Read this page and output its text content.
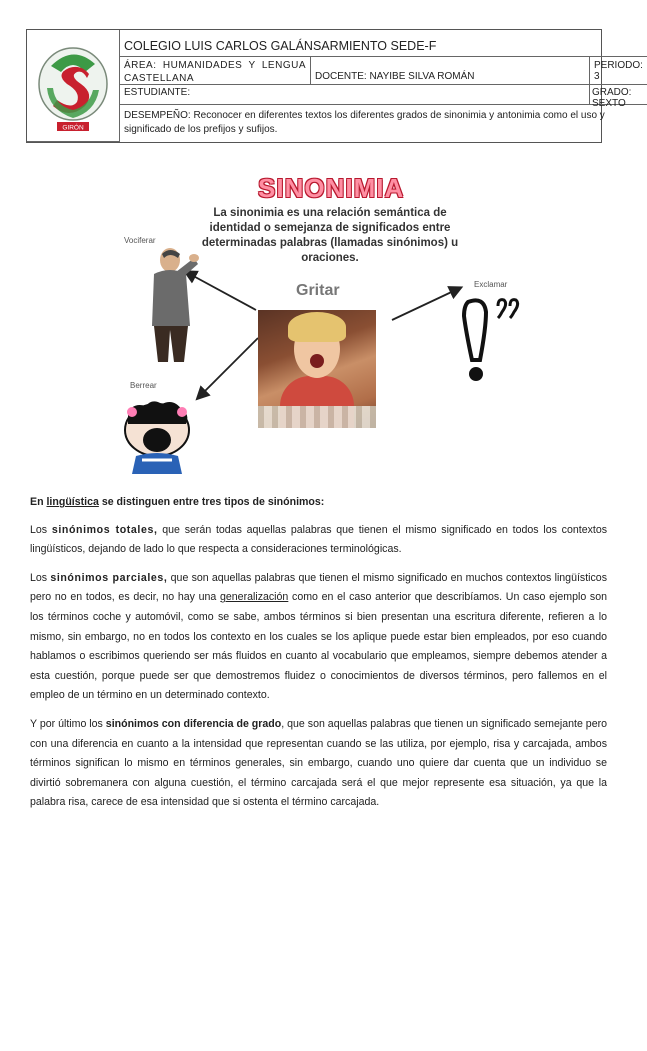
GIRÓN
COLEGIO LUIS CARLOS GALÁNSARMIENTO SEDE-F
ÁREA: HUMANIDADES Y LENGUA CASTELLANA	DOCENTE: NAYIBE SILVA ROMÁN
PERIODO: 3
ESTUDIANTE:	GRADO: SEXTO
DESEMPEÑO: Reconocer en diferentes textos los diferentes grados de sinonimia y antonimia como el uso y significado de los prefijos y sufijos.
SINONIMIA
La sinonimia es una relación semántica de identidad o semejanza de significados entre determinadas palabras (llamadas sinónimos) u oraciones.
Gritar
Vociferar
Exclamar
Berrear

En lingüística se distinguen entre tres tipos de sinónimos:

Los sinónimos totales, que serán todas aquellas palabras que tienen el mismo significado en todos los contextos lingüísticos, dejando de lado lo que respecta a consideraciones terminológicas.

Los sinónimos parciales, que son aquellas palabras que tienen el mismo significado en muchos contextos lingüísticos pero no en todos, es decir, no hay una generalización como en el caso anterior que describíamos. Un caso ejemplo son los términos coche y automóvil, como se sabe, ambos términos si bien presentan una escritura diferente, refieren a lo mismo, sin embargo, no en todos los contexto en los cuales se los aplique puede estar bien empleados, por eso cuando hablamos o escribimos queriendo ser más fluidos en cuanto al vocabulario que empleamos, siempre debemos atender a esta cuestión, porque puede ser que demostremos fluidez o conocimientos de diversos términos, pero fallemos en el empleo de un término en un determinado contexto.

Y por último los sinónimos con diferencia de grado, que son aquellas palabras que tienen un significado semejante pero con una diferencia en cuanto a la intensidad que representan cuando se las utiliza, por ejemplo, risa y carcajada, ambos términos significan lo mismo en términos generales, sin embargo, cuando uno quiere dar cuenta que un individuo se divirtió sobremanera con alguna cuestión, el término carcajada será el que mejor represente esa situación, ya que la palabra risa, carece de esa intensidad que si ostenta el término carcajada.
